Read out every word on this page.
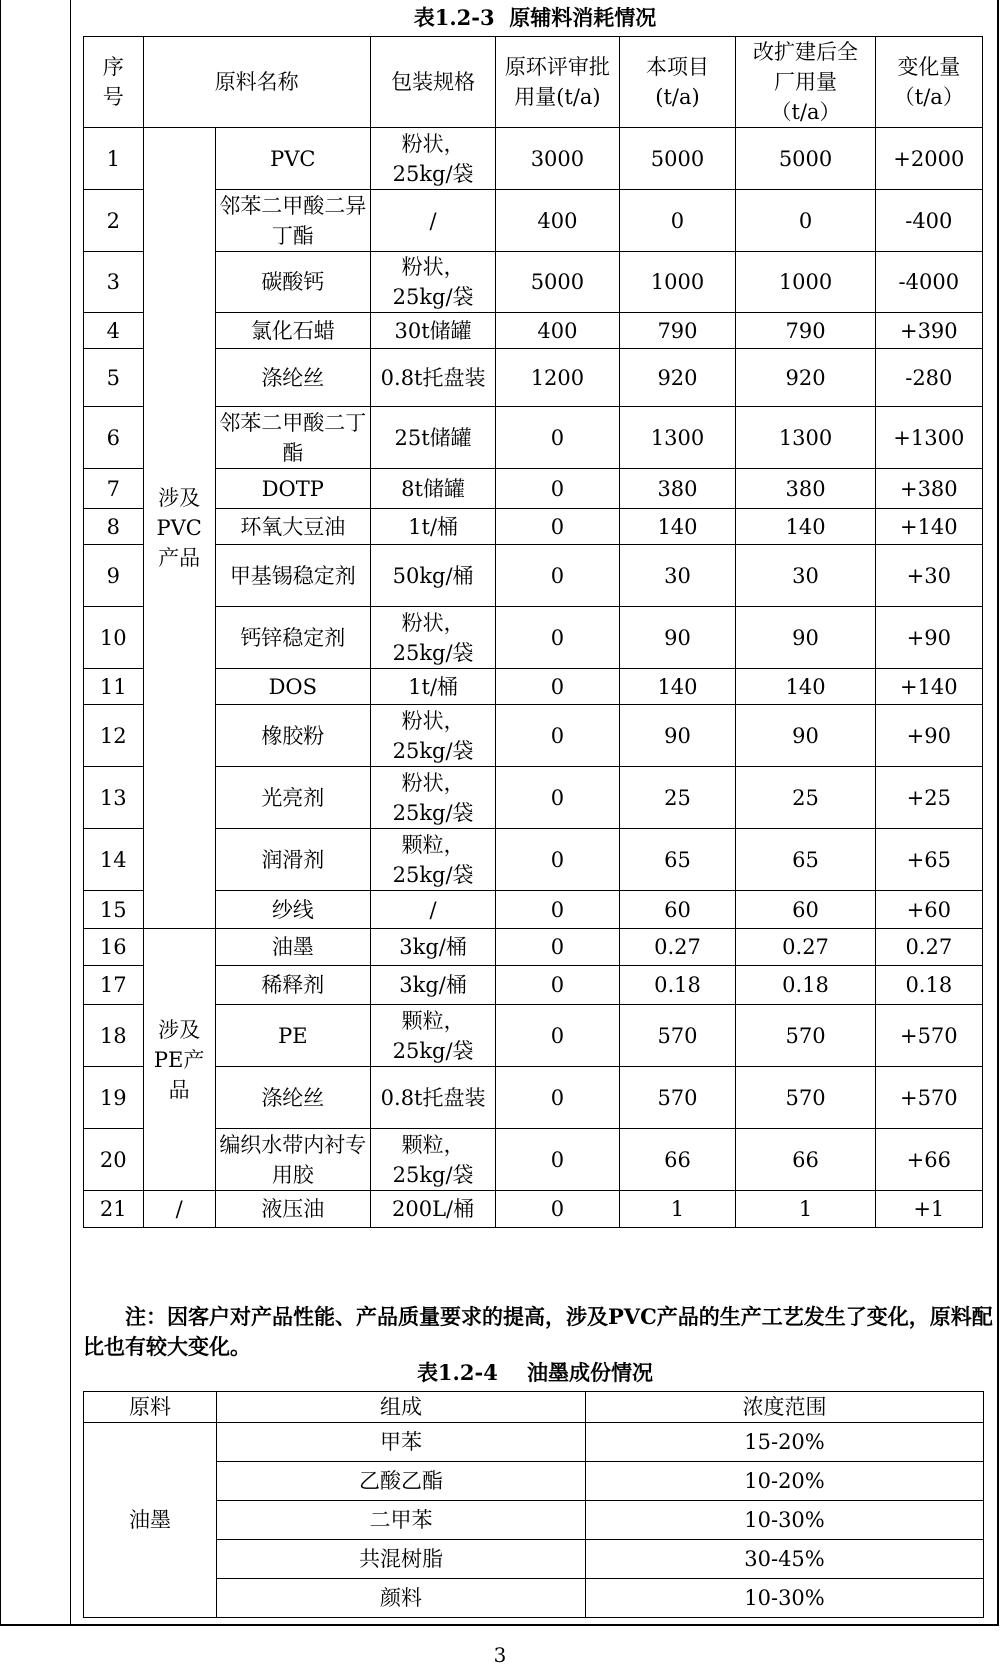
表1.2-3  原辅料消耗情况
序号	原料名称		包装规格	原环评审批用量(t/a)	本项目(t/a)	改扩建后全厂用量（t/a）	变化量（t/a）
1	涉及PVC产品	PVC	粉状，25kg/袋	3000	5000	5000	+2000
2		邻苯二甲酸二异丁酯	/	400	0	0	-400
3		碳酸钙	粉状，25kg/袋	5000	1000	1000	-4000
4		氯化石蜡	30t储罐	400	790	790	+390
5		涤纶丝	0.8t托盘装	1200	920	920	-280
6		邻苯二甲酸二丁酯	25t储罐	0	1300	1300	+1300
7		DOTP	8t储罐	0	380	380	+380
8		环氧大豆油	1t/桶	0	140	140	+140
9		甲基锡稳定剂	50kg/桶	0	30	30	+30
10		钙锌稳定剂	粉状，25kg/袋	0	90	90	+90
11		DOS	1t/桶	0	140	140	+140
12		橡胶粉	粉状，25kg/袋	0	90	90	+90
13		光亮剂	粉状，25kg/袋	0	25	25	+25
14		润滑剂	颗粒，25kg/袋	0	65	65	+65
15		纱线	/	0	60	60	+60
16	涉及PE产品	油墨	3kg/桶	0	0.27	0.27	0.27
17		稀释剂	3kg/桶	0	0.18	0.18	0.18
18		PE	颗粒，25kg/袋	0	570	570	+570
19		涤纶丝	0.8t托盘装	0	570	570	+570
20		编织水带内衬专用胶	颗粒，25kg/袋	0	66	66	+66
21	/	液压油	200L/桶	0	1	1	+1
注：因客户对产品性能、产品质量要求的提高，涉及PVC产品的生产工艺发生了变化，原料配比也有较大变化。
表1.2-4    油墨成份情况
原料	组成	浓度范围
油墨	甲苯	15-20%
	乙酸乙酯	10-20%
	二甲苯	10-30%
	共混树脂	30-45%
	颜料	10-30%
3
